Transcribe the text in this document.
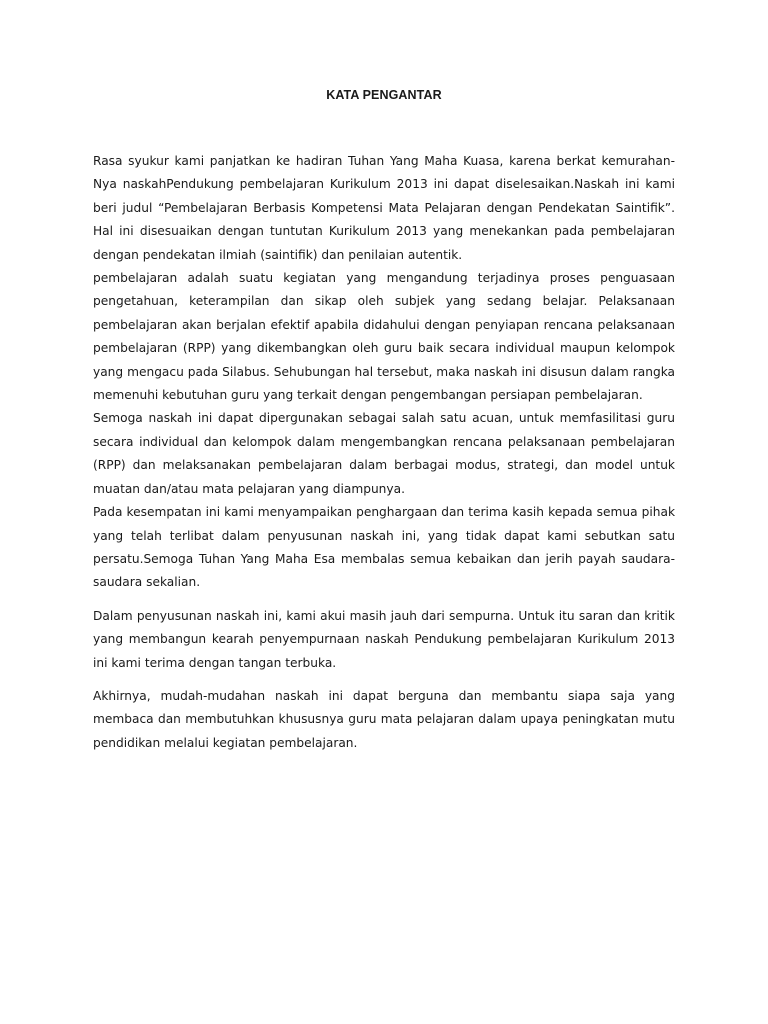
KATA PENGANTAR

Rasa syukur kami panjatkan ke hadiran Tuhan Yang Maha Kuasa, karena berkat kemurahan-Nya naskahPendukung pembelajaran Kurikulum 2013 ini dapat diselesaikan.Naskah ini kami beri judul “Pembelajaran Berbasis Kompetensi Mata Pelajaran dengan Pendekatan Saintifik”. Hal ini disesuaikan dengan tuntutan Kurikulum 2013 yang menekankan pada pembelajaran dengan pendekatan ilmiah (saintifik) dan penilaian autentik.

pembelajaran adalah suatu kegiatan yang mengandung terjadinya proses penguasaan pengetahuan, keterampilan dan sikap oleh subjek yang sedang belajar. Pelaksanaan pembelajaran akan berjalan efektif apabila didahului dengan penyiapan rencana pelaksanaan pembelajaran (RPP) yang dikembangkan oleh guru baik secara individual maupun kelompok yang mengacu pada Silabus. Sehubungan hal tersebut, maka naskah ini disusun dalam rangka memenuhi kebutuhan guru yang terkait dengan pengembangan persiapan pembelajaran.

Semoga naskah ini dapat dipergunakan sebagai salah satu acuan, untuk memfasilitasi guru secara individual dan kelompok dalam mengembangkan rencana pelaksanaan pembelajaran (RPP) dan melaksanakan pembelajaran dalam berbagai modus, strategi, dan model untuk muatan dan/atau mata pelajaran yang diampunya.

Pada kesempatan ini kami menyampaikan penghargaan dan terima kasih kepada semua pihak yang telah terlibat dalam penyusunan naskah ini, yang tidak dapat kami sebutkan satu persatu.Semoga Tuhan Yang Maha Esa membalas semua kebaikan dan jerih payah saudara-saudara sekalian.

Dalam penyusunan naskah ini, kami akui masih jauh dari sempurna. Untuk itu saran dan kritik yang membangun kearah penyempurnaan naskah Pendukung pembelajaran Kurikulum 2013 ini kami terima dengan tangan terbuka.

Akhirnya, mudah-mudahan naskah ini dapat berguna dan membantu siapa saja yang membaca dan membutuhkan khususnya guru mata pelajaran dalam upaya peningkatan mutu pendidikan melalui kegiatan pembelajaran.
